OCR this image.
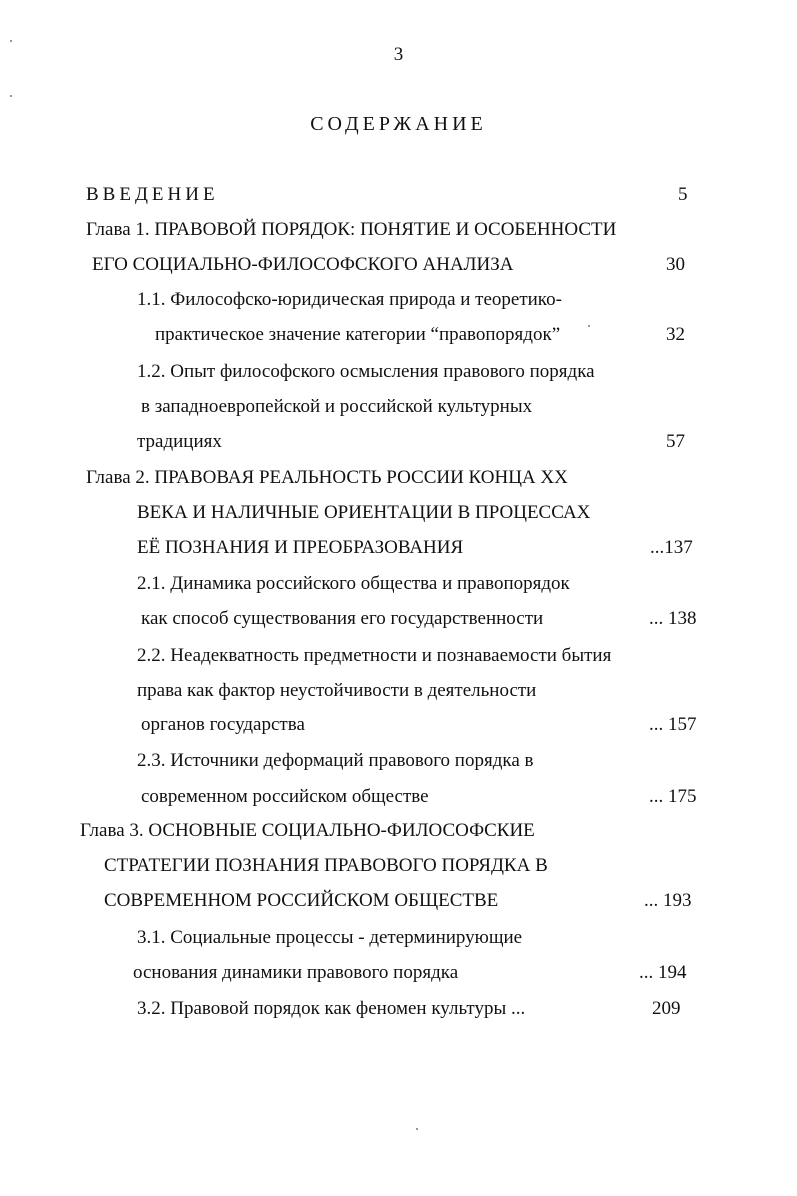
3
СОДЕРЖАНИЕ
ВВЕДЕНИЕ	5
Глава 1. ПРАВОВОЙ ПОРЯДОК: ПОНЯТИЕ И ОСОБЕННОСТИ
ЕГО СОЦИАЛЬНО-ФИЛОСОФСКОГО АНАЛИЗА	30
1.1. Философско-юридическая природа и теоретико-
практическое значение категории “правопорядок”	32
1.2. Опыт философского осмысления правового порядка
в западноевропейской и российской культурных
традициях	57
Глава 2. ПРАВОВАЯ РЕАЛЬНОСТЬ РОССИИ КОНЦА XX
ВЕКА И НАЛИЧНЫЕ ОРИЕНТАЦИИ В ПРОЦЕССАХ
ЕЁ ПОЗНАНИЯ И ПРЕОБРАЗОВАНИЯ	...137
2.1. Динамика российского общества и правопорядок
как способ существования его государственности	... 138
2.2. Неадекватность предметности и познаваемости бытия
права как фактор неустойчивости в деятельности
органов государства	... 157
2.3. Источники деформаций правового порядка в
современном российском обществе	... 175
Глава 3. ОСНОВНЫЕ СОЦИАЛЬНО-ФИЛОСОФСКИЕ
СТРАТЕГИИ ПОЗНАНИЯ ПРАВОВОГО ПОРЯДКА В
СОВРЕМЕННОМ РОССИЙСКОМ ОБЩЕСТВЕ	... 193
3.1. Социальные процессы - детерминирующие
основания динамики правового порядка	... 194
3.2. Правовой порядок как феномен культуры ...	209
